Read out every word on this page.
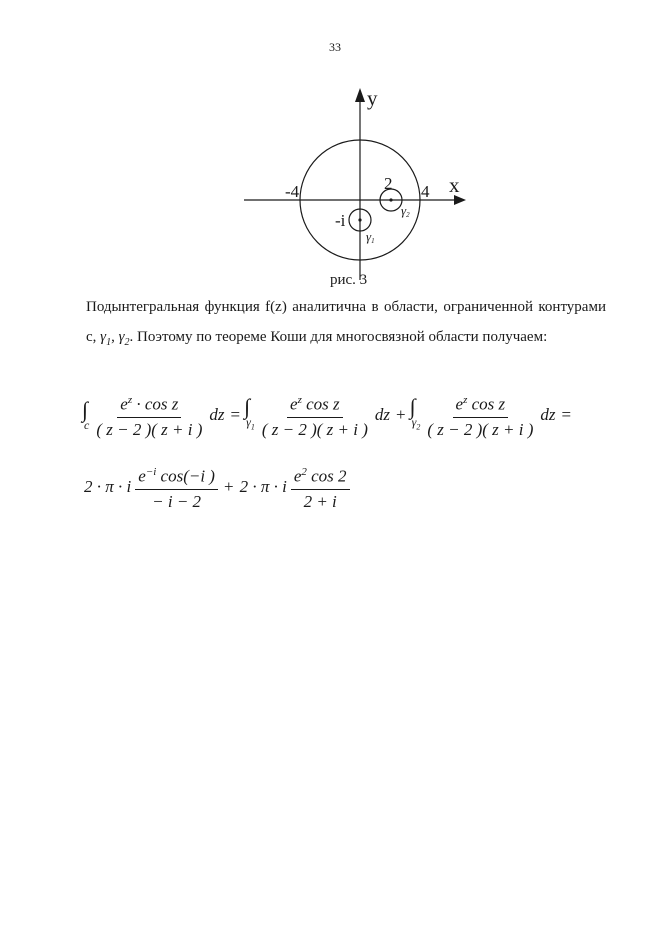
33
y
x
-4	4
2
-i
γ1
γ2
рис. 3

Подынтегральная функция f(z) аналитична в области, ограниченной контурами с, $\gamma_1$, $\gamma_2$. Поэтому по теореме Коши для многосвязной области получаем:

∫
c $\frac{e^z \cdot \cos z}{( z - 2 )( z + i )}$ dz = ∫
$\gamma_1 \frac{e^z \cos z}{( z - 2 )( z + i )}$ dz + ∫
$\gamma_2 \frac{e^z \cos z}{( z - 2 )( z + i )}$ dz =
2 · π · i $\frac{e^{-i} \cos(-i )}{- i - 2} + 2 \cdot \pi \cdot i \frac{e^2 \cos 2}{2 + i}$
